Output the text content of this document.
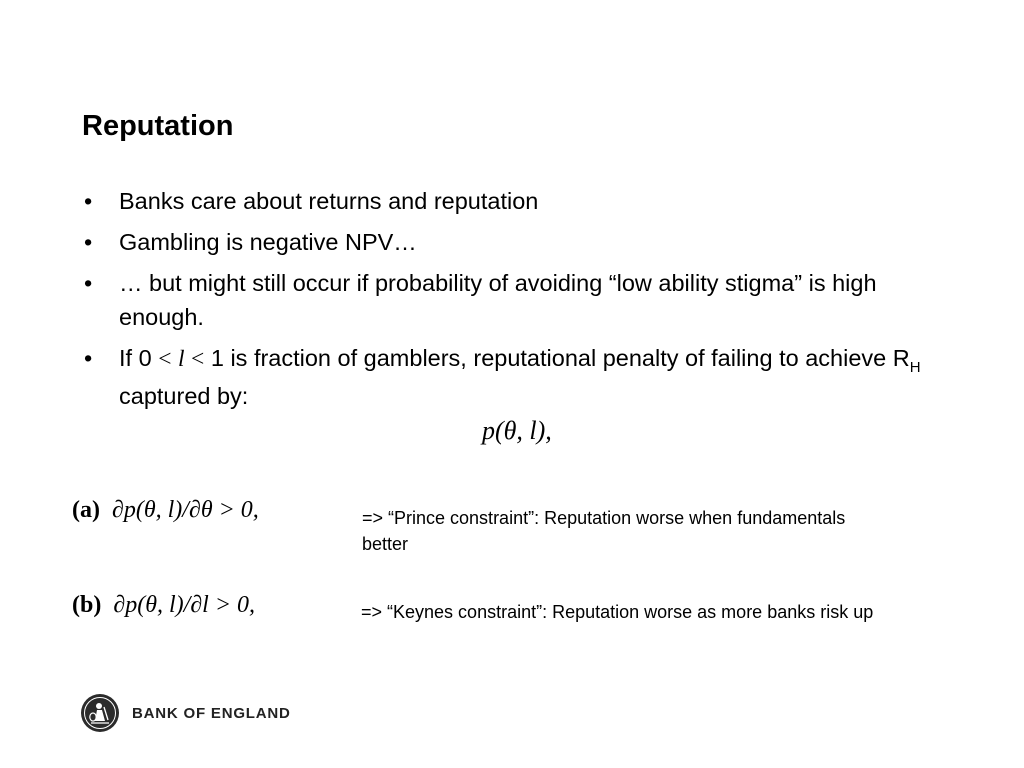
Reputation
• Banks care about returns and reputation
• Gambling is negative NPV…
• … but might still occur if probability of avoiding “low ability stigma” is high enough.
• If 0 < l < 1 is fraction of gamblers, reputational penalty of failing to achieve $R_H$ captured by:
p(θ, l),
(a) ∂p(θ, l)/∂θ > 0,	=> “Prince constraint”: Reputation worse when fundamentals better

(b) ∂p(θ, l)/∂l > 0,	=> “Keynes constraint”: Reputation worse as more banks risk up

BANK OF ENGLAND
